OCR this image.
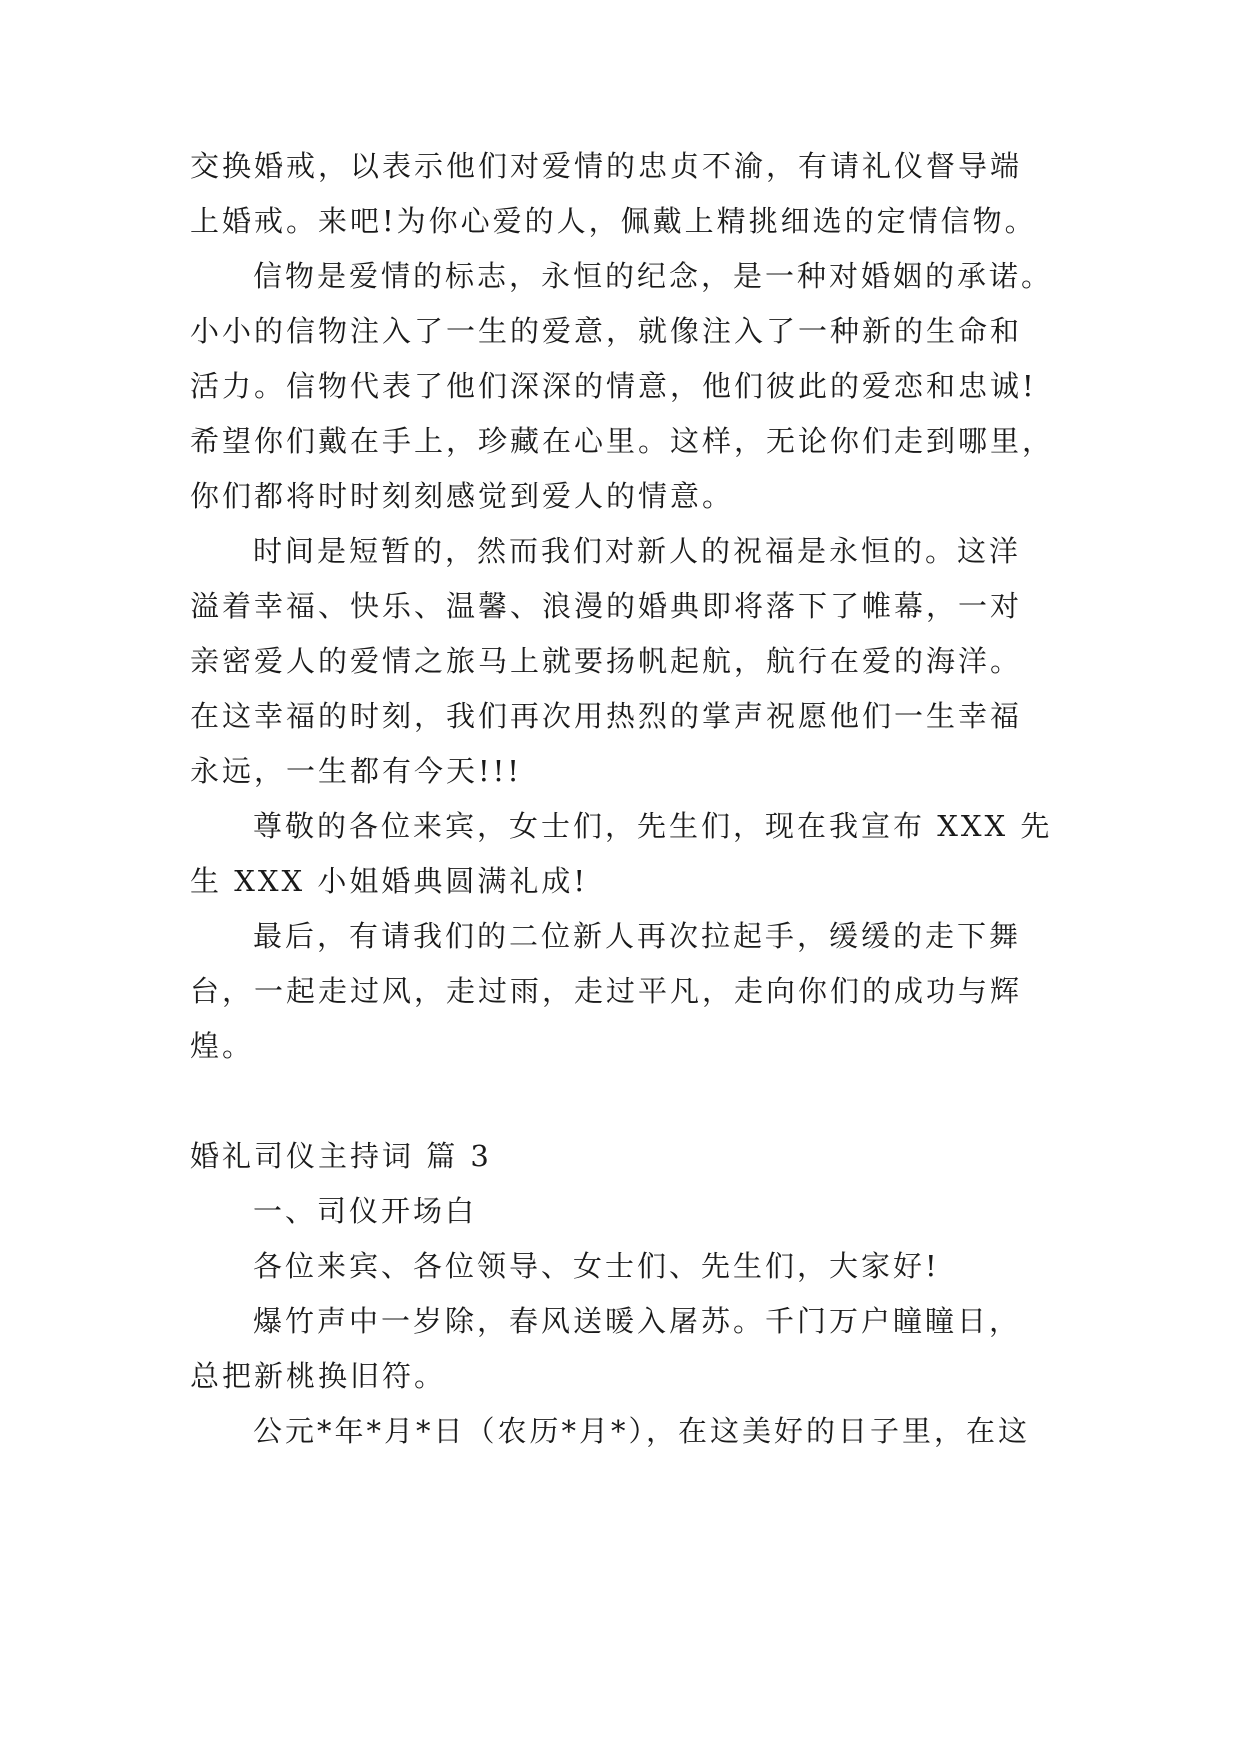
交换婚戒，以表示他们对爱情的忠贞不渝，有请礼仪督导端
上婚戒。来吧!为你心爱的人，佩戴上精挑细选的定情信物。
信物是爱情的标志，永恒的纪念，是一种对婚姻的承诺。
小小的信物注入了一生的爱意，就像注入了一种新的生命和
活力。信物代表了他们深深的情意，他们彼此的爱恋和忠诚!
希望你们戴在手上，珍藏在心里。这样，无论你们走到哪里，
你们都将时时刻刻感觉到爱人的情意。
时间是短暂的，然而我们对新人的祝福是永恒的。这洋
溢着幸福、快乐、温馨、浪漫的婚典即将落下了帷幕，一对
亲密爱人的爱情之旅马上就要扬帆起航，航行在爱的海洋。
在这幸福的时刻，我们再次用热烈的掌声祝愿他们一生幸福
永远，一生都有今天!!!
尊敬的各位来宾，女士们，先生们，现在我宣布 XXX 先
生 XXX 小姐婚典圆满礼成!
最后，有请我们的二位新人再次拉起手，缓缓的走下舞
台，一起走过风，走过雨，走过平凡，走向你们的成功与辉
煌。
婚礼司仪主持词 篇 3
一、司仪开场白
各位来宾、各位领导、女士们、先生们，大家好!
爆竹声中一岁除，春风送暖入屠苏。千门万户瞳瞳日，
总把新桃换旧符。
公元*年*月*日（农历*月*），在这美好的日子里，在这
